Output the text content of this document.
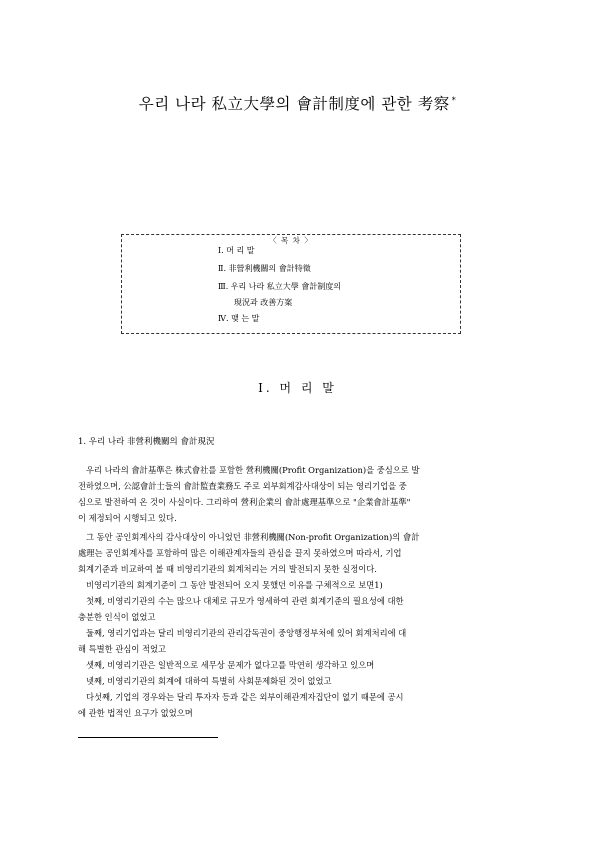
우리 나라 私立大學의 會計制度에 관한 考察 *
〈 목 차 〉
Ⅰ. 머 리 말
Ⅱ. 非營利機關의 會計特徵
Ⅲ. 우리 나라 私立大學 會計制度의
現況과 改善方案
Ⅳ. 맺 는 말
Ⅰ. 머 리 말
1. 우리 나라 非營利機關의 會計現況
우리 나라의 會計基準은 株式會社를 포함한 營利機關(Profit Organization)을 중심으로 발
전하였으며, 公認會計士들의 會計監査業務도 주로 외부회계감사대상이 되는 영리기업을 중
심으로 발전하여 온 것이 사실이다. 그리하여 營利企業의 會計處理基準으로 "企業會計基準"
이 제정되어 시행되고 있다.
그 동안 공인회계사의 감사대상이 아니었던 非營利機關(Non-profit Organization)의 會計
處理는 공인회계사를 포함하여 많은 이해관계자들의 관심을 끌지 못하였으며 따라서, 기업
회계기준과 비교하여 볼 때 비영리기관의 회계처리는 거의 발전되지 못한 실정이다.
비영리기관의 회계기준이 그 동안 발전되어 오지 못했던 이유를 구체적으로 보면1)
첫째, 비영리기관의 수는 많으나 대체로 규모가 영세하여 관련 회계기준의 필요성에 대한
충분한 인식이 없었고
둘째, 영리기업과는 달리 비영리기관의 관리감독권이 중앙행정부처에 있어 회계처리에 대
해 특별한 관심이 적었고
셋째, 비영리기관은 일반적으로 세무상 문제가 없다고를 막연히 생각하고 있으며
넷째, 비영리기관의 회계에 대하여 특별히 사회문제화된 것이 없었고
다섯째, 기업의 경우와는 달리 투자자 등과 같은 외부이해관계자집단이 없기 때문에 공시
에 관한 법적인 요구가 없었으며
